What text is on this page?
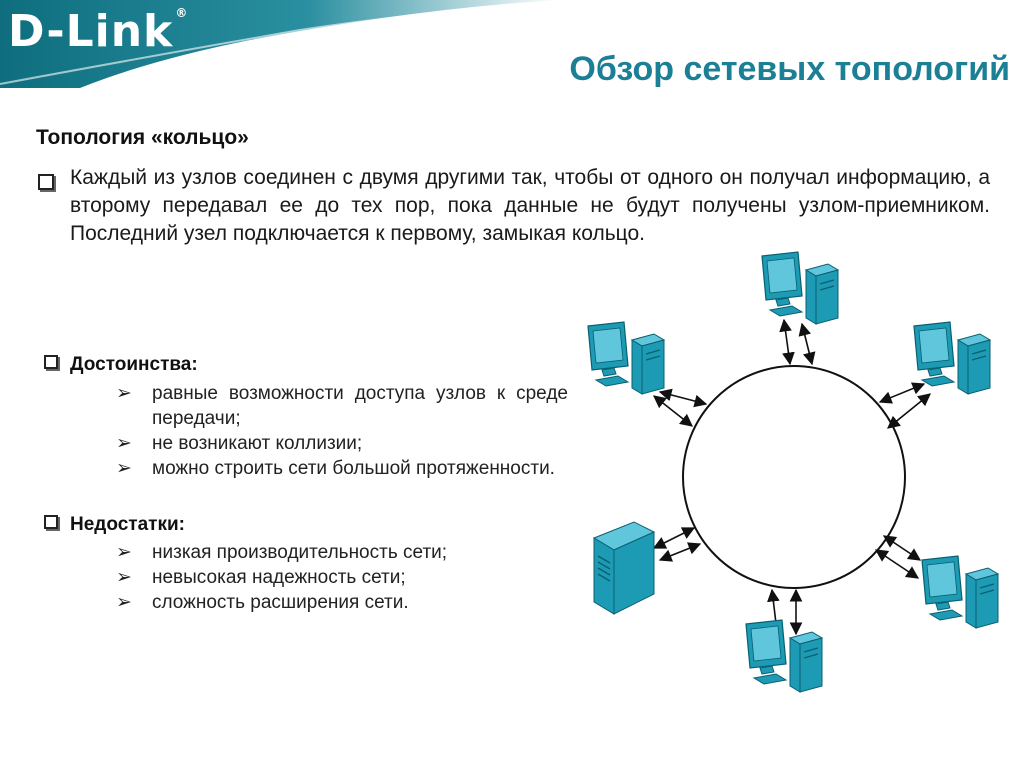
D-Link ®
Обзор сетевых топологий
Топология «кольцо»
Каждый из узлов соединен с двумя другими так, чтобы от одного он получал информацию, а второму передавал ее до тех пор, пока данные не будут получены узлом-приемником. Последний узел подключается к первому, замыкая кольцо.
Достоинства:
➢ равные возможности доступа узлов к среде передачи;
➢ не возникают коллизии;
➢ можно строить сети большой протяженности.
Недостатки:
➢ низкая производительность сети;
➢ невысокая надежность сети;
➢ сложность расширения сети.
